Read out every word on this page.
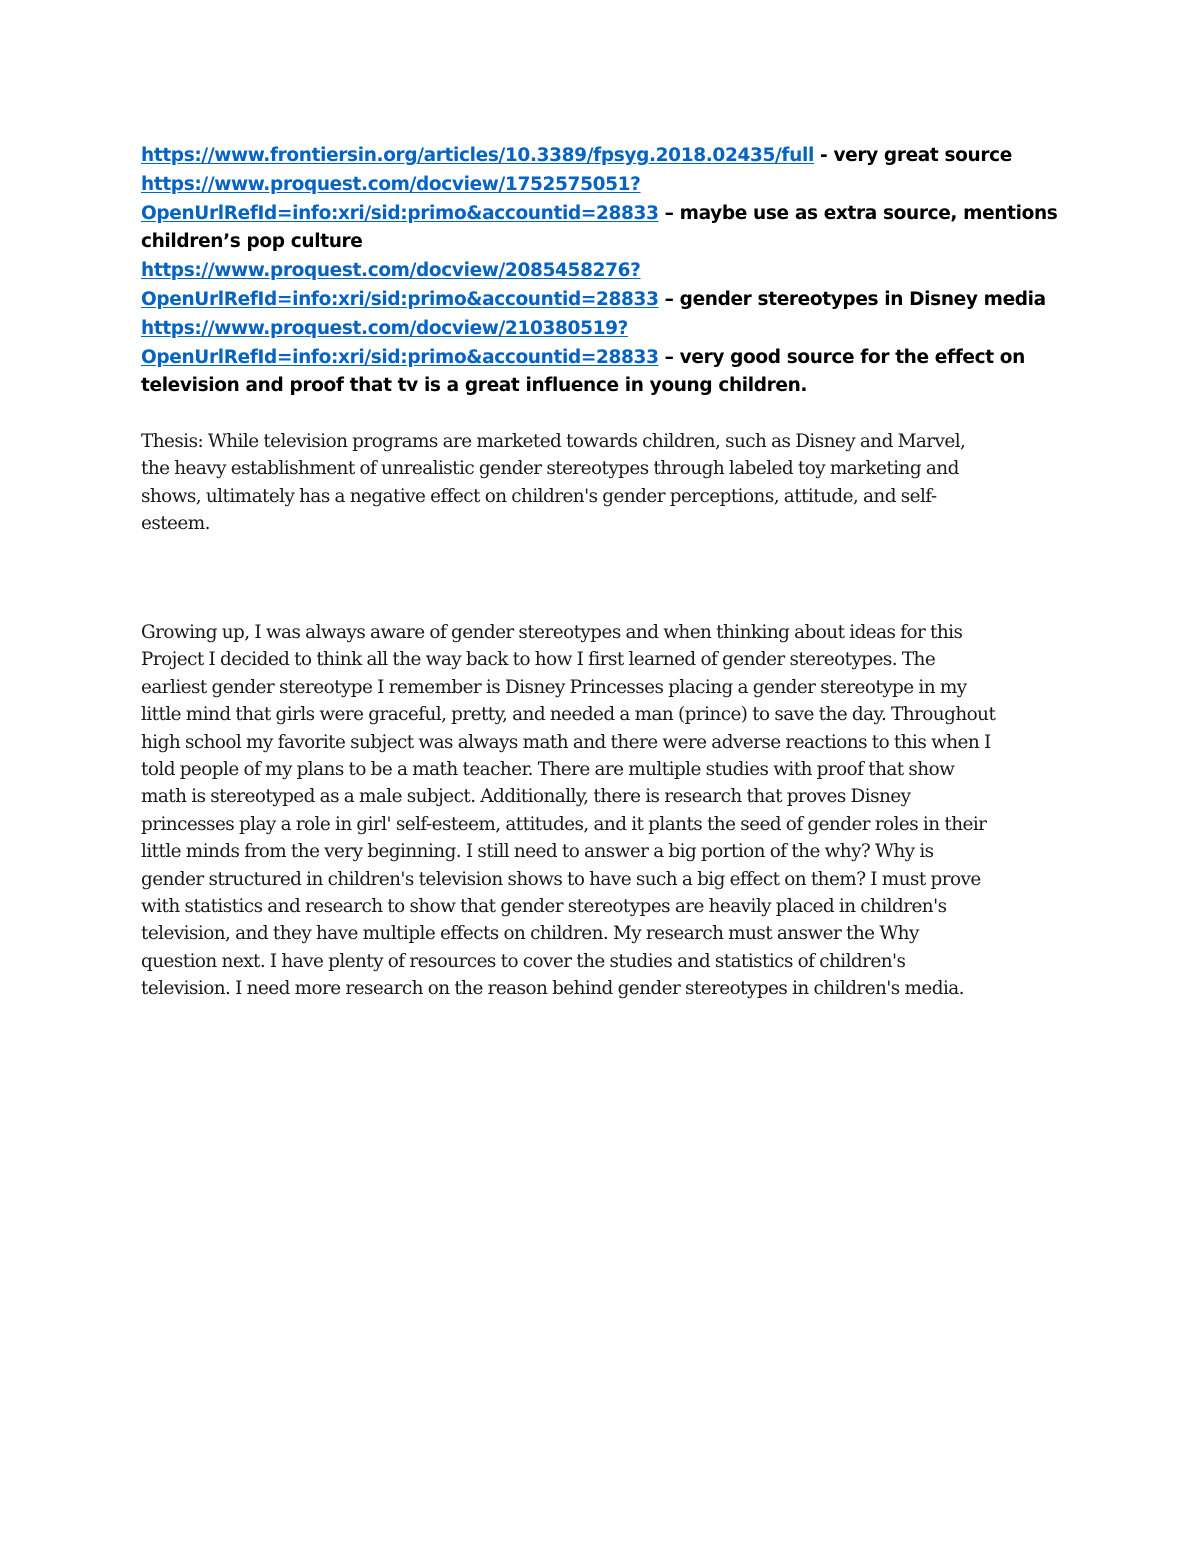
https://www.frontiersin.org/articles/10.3389/fpsyg.2018.02435/full - very great source
https://www.proquest.com/docview/1752575051?
OpenUrlRefId=info:xri/sid:primo&accountid=28833 – maybe use as extra source, mentions
children’s pop culture
https://www.proquest.com/docview/2085458276?
OpenUrlRefId=info:xri/sid:primo&accountid=28833 – gender stereotypes in Disney media
https://www.proquest.com/docview/210380519?
OpenUrlRefId=info:xri/sid:primo&accountid=28833 – very good source for the effect on
television and proof that tv is a great influence in young children.
Thesis: While television programs are marketed towards children, such as Disney and Marvel,
the heavy establishment of unrealistic gender stereotypes through labeled toy marketing and
shows, ultimately has a negative effect on children's gender perceptions, attitude, and self-
esteem.
Growing up, I was always aware of gender stereotypes and when thinking about ideas for this
Project I decided to think all the way back to how I first learned of gender stereotypes. The
earliest gender stereotype I remember is Disney Princesses placing a gender stereotype in my
little mind that girls were graceful, pretty, and needed a man (prince) to save the day. Throughout
high school my favorite subject was always math and there were adverse reactions to this when I
told people of my plans to be a math teacher. There are multiple studies with proof that show
math is stereotyped as a male subject. Additionally, there is research that proves Disney
princesses play a role in girl' self-esteem, attitudes, and it plants the seed of gender roles in their
little minds from the very beginning. I still need to answer a big portion of the why? Why is
gender structured in children's television shows to have such a big effect on them? I must prove
with statistics and research to show that gender stereotypes are heavily placed in children's
television, and they have multiple effects on children. My research must answer the Why
question next. I have plenty of resources to cover the studies and statistics of children's
television. I need more research on the reason behind gender stereotypes in children's media.
